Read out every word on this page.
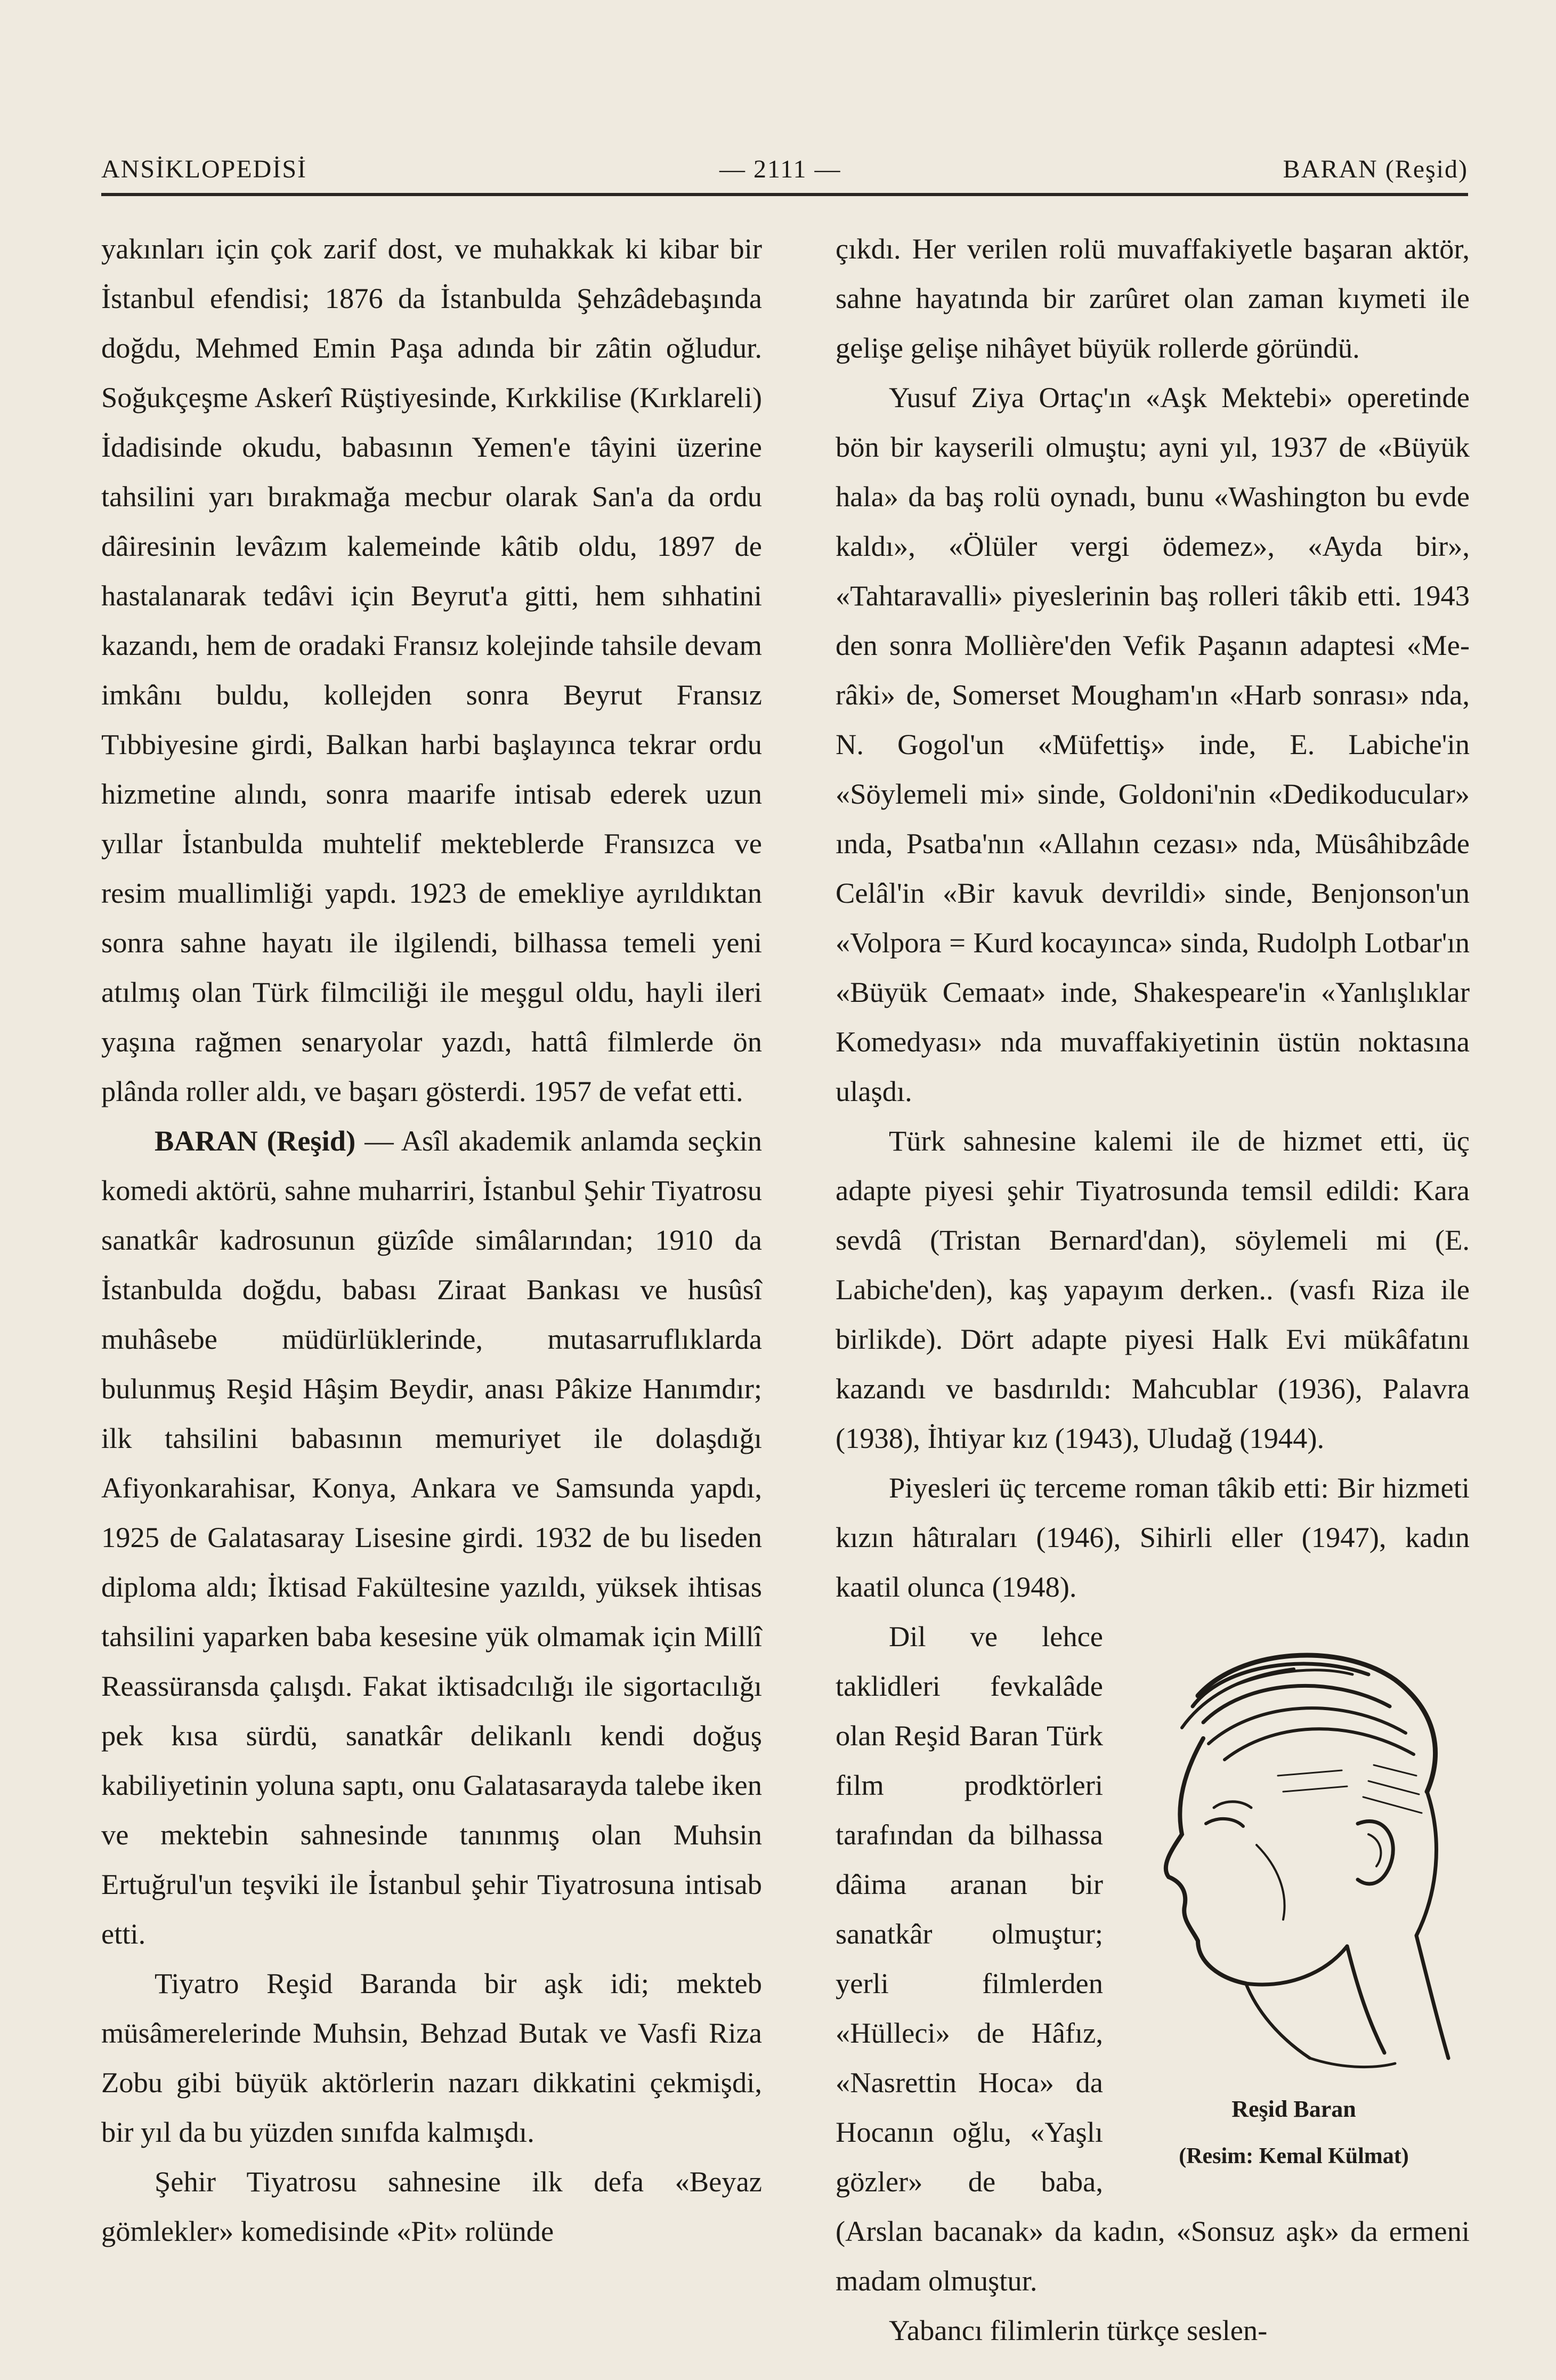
ANSİKLOPEDİSİ	— 2111 —	BARAN (Reşid)

yakınları için çok zarif dost, ve muhakkak ki kibar bir İstanbul efendisi; 1876 da İstanbulda Şehzâdebaşında doğdu, Mehmed Emin Paşa adında bir zâtin oğludur. Soğukçeşme Askerî Rüştiyesinde, Kırkkilise (Kırklareli) İdadisinde okudu, babasının Yemen'e tâyini üzerine tahsilini yarı bırakmağa mecbur olarak San'a da ordu dâiresinin levâzım kalemeinde kâtib oldu, 1897 de hastalanarak tedâvi için Beyrut'a gitti, hem sıhhatini kazandı, hem de oradaki Fransız kolejinde tahsile devam imkânı buldu, kollejden sonra Beyrut Fransız Tıbbiyesine girdi, Balkan harbi başlayınca tekrar ordu hizmetine alındı, sonra maarife intisab ederek uzun yıllar İstanbulda muhtelif mekteblerde Fransızca ve resim muallimliği yapdı. 1923 de emekliye ayrıldıktan sonra sahne hayatı ile ilgilendi, bilhassa temeli yeni atılmış olan Türk filmciliği ile meşgul oldu, hayli ileri yaşına rağmen senaryolar yazdı, hattâ filmlerde ön plânda roller aldı, ve başarı gösterdi. 1957 de vefat etti.

BARAN (Reşid) — Asîl akademik anlamda seçkin komedi aktörü, sahne muharriri, İstanbul Şehir Tiyatrosu sanatkâr kadrosunun güzîde simâlarından; 1910 da İstanbulda doğdu, babası Ziraat Bankası ve husûsî muhâsebe müdürlüklerinde, mutasarruflıklarda bulunmuş Reşid Hâşim Beydir, anası Pâkize Hanımdır; ilk tahsilini babasının memuriyet ile dolaşdığı Afiyonkarahisar, Konya, Ankara ve Samsunda yapdı, 1925 de Galatasaray Lisesine girdi. 1932 de bu liseden diploma aldı; İktisad Fakültesine yazıldı, yüksek ihtisas tahsilini yaparken baba kesesine yük olmamak için Millî Reassüransda çalışdı. Fakat iktisadcılığı ile sigortacılığı pek kısa sürdü, sanatkâr delikanlı kendi doğuş kabiliyetinin yoluna saptı, onu Galatasarayda talebe iken ve mektebin sahnesinde tanınmış olan Muhsin Ertuğrul'un teşviki ile İstanbul şehir Tiyatrosuna intisab etti.

Tiyatro Reşid Baranda bir aşk idi; mekteb müsâmerelerinde Muhsin, Behzad Butak ve Vasfi Riza Zobu gibi büyük aktörlerin nazarı dikkatini çekmişdi, bir yıl da bu yüzden sınıfda kalmışdı.

Şehir Tiyatrosu sahnesine ilk defa «Beyaz gömlekler» komedisinde «Pit» rolünde

çıkdı. Her verilen rolü muvaffakiyetle başaran aktör, sahne hayatında bir zarûret olan zaman kıymeti ile gelişe gelişe nihâyet büyük rollerde göründü.

Yusuf Ziya Ortaç'ın «Aşk Mektebi» operetinde bön bir kayserili olmuştu; ayni yıl, 1937 de «Büyük hala» da baş rolü oynadı, bunu «Washington bu evde kaldı», «Ölüler vergi ödemez», «Ayda bir», «Tahtaravalli» piyeslerinin baş rolleri tâkib etti. 1943 den sonra Mollière'den Vefik Paşanın adaptesi «Merâki» de, Somerset Mougham'ın «Harb sonrası» nda, N. Gogol'un «Müfettiş» inde, E. Labiche'in «Söylemeli mi» sinde, Goldoni'nin «Dedikoducular» ında, Psatba'nın «Allahın cezası» nda, Müsâhibzâde Celâl'in «Bir kavuk devrildi» sinde, Benjonson'un «Volpora = Kurd kocayınca» sinda, Rudolph Lotbar'ın «Büyük Cemaat» inde, Shakespeare'in «Yanlışlıklar Komedyası» nda muvaffakiyetinin üstün noktasına ulaşdı.

Türk sahnesine kalemi ile de hizmet etti, üç adapte piyesi şehir Tiyatrosunda temsil edildi: Kara sevdâ (Tristan Bernard'dan), söylemeli mi (E. Labiche'den), kaş yapayım derken.. (vasfı Riza ile birlikde). Dört adapte piyesi Halk Evi mükâfatını kazandı ve basdırıldı: Mahcublar (1936), Palavra (1938), İhtiyar kız (1943), Uludağ (1944).

Piyesleri üç terceme roman tâkib etti: Bir hizmeti kızın hâtıraları (1946), Sihirli eller (1947), kadın kaatil olunca (1948).

Reşid Baran
(Resim: Kemal Külmat)

Dil ve lehce taklidleri fevkalâde olan Reşid Baran Türk film prodktörleri tarafından da bilhassa dâima aranan bir sanatkâr olmuştur; yerli filmlerden «Hülleci» de Hâfız, «Nasrettin Hoca» da Hocanın oğlu, «Yaşlı gözler» de baba, (Arslan bacanak» da kadın, «Sonsuz aşk» da ermeni madam olmuştur.

Yabancı filimlerin türkçe seslen-
